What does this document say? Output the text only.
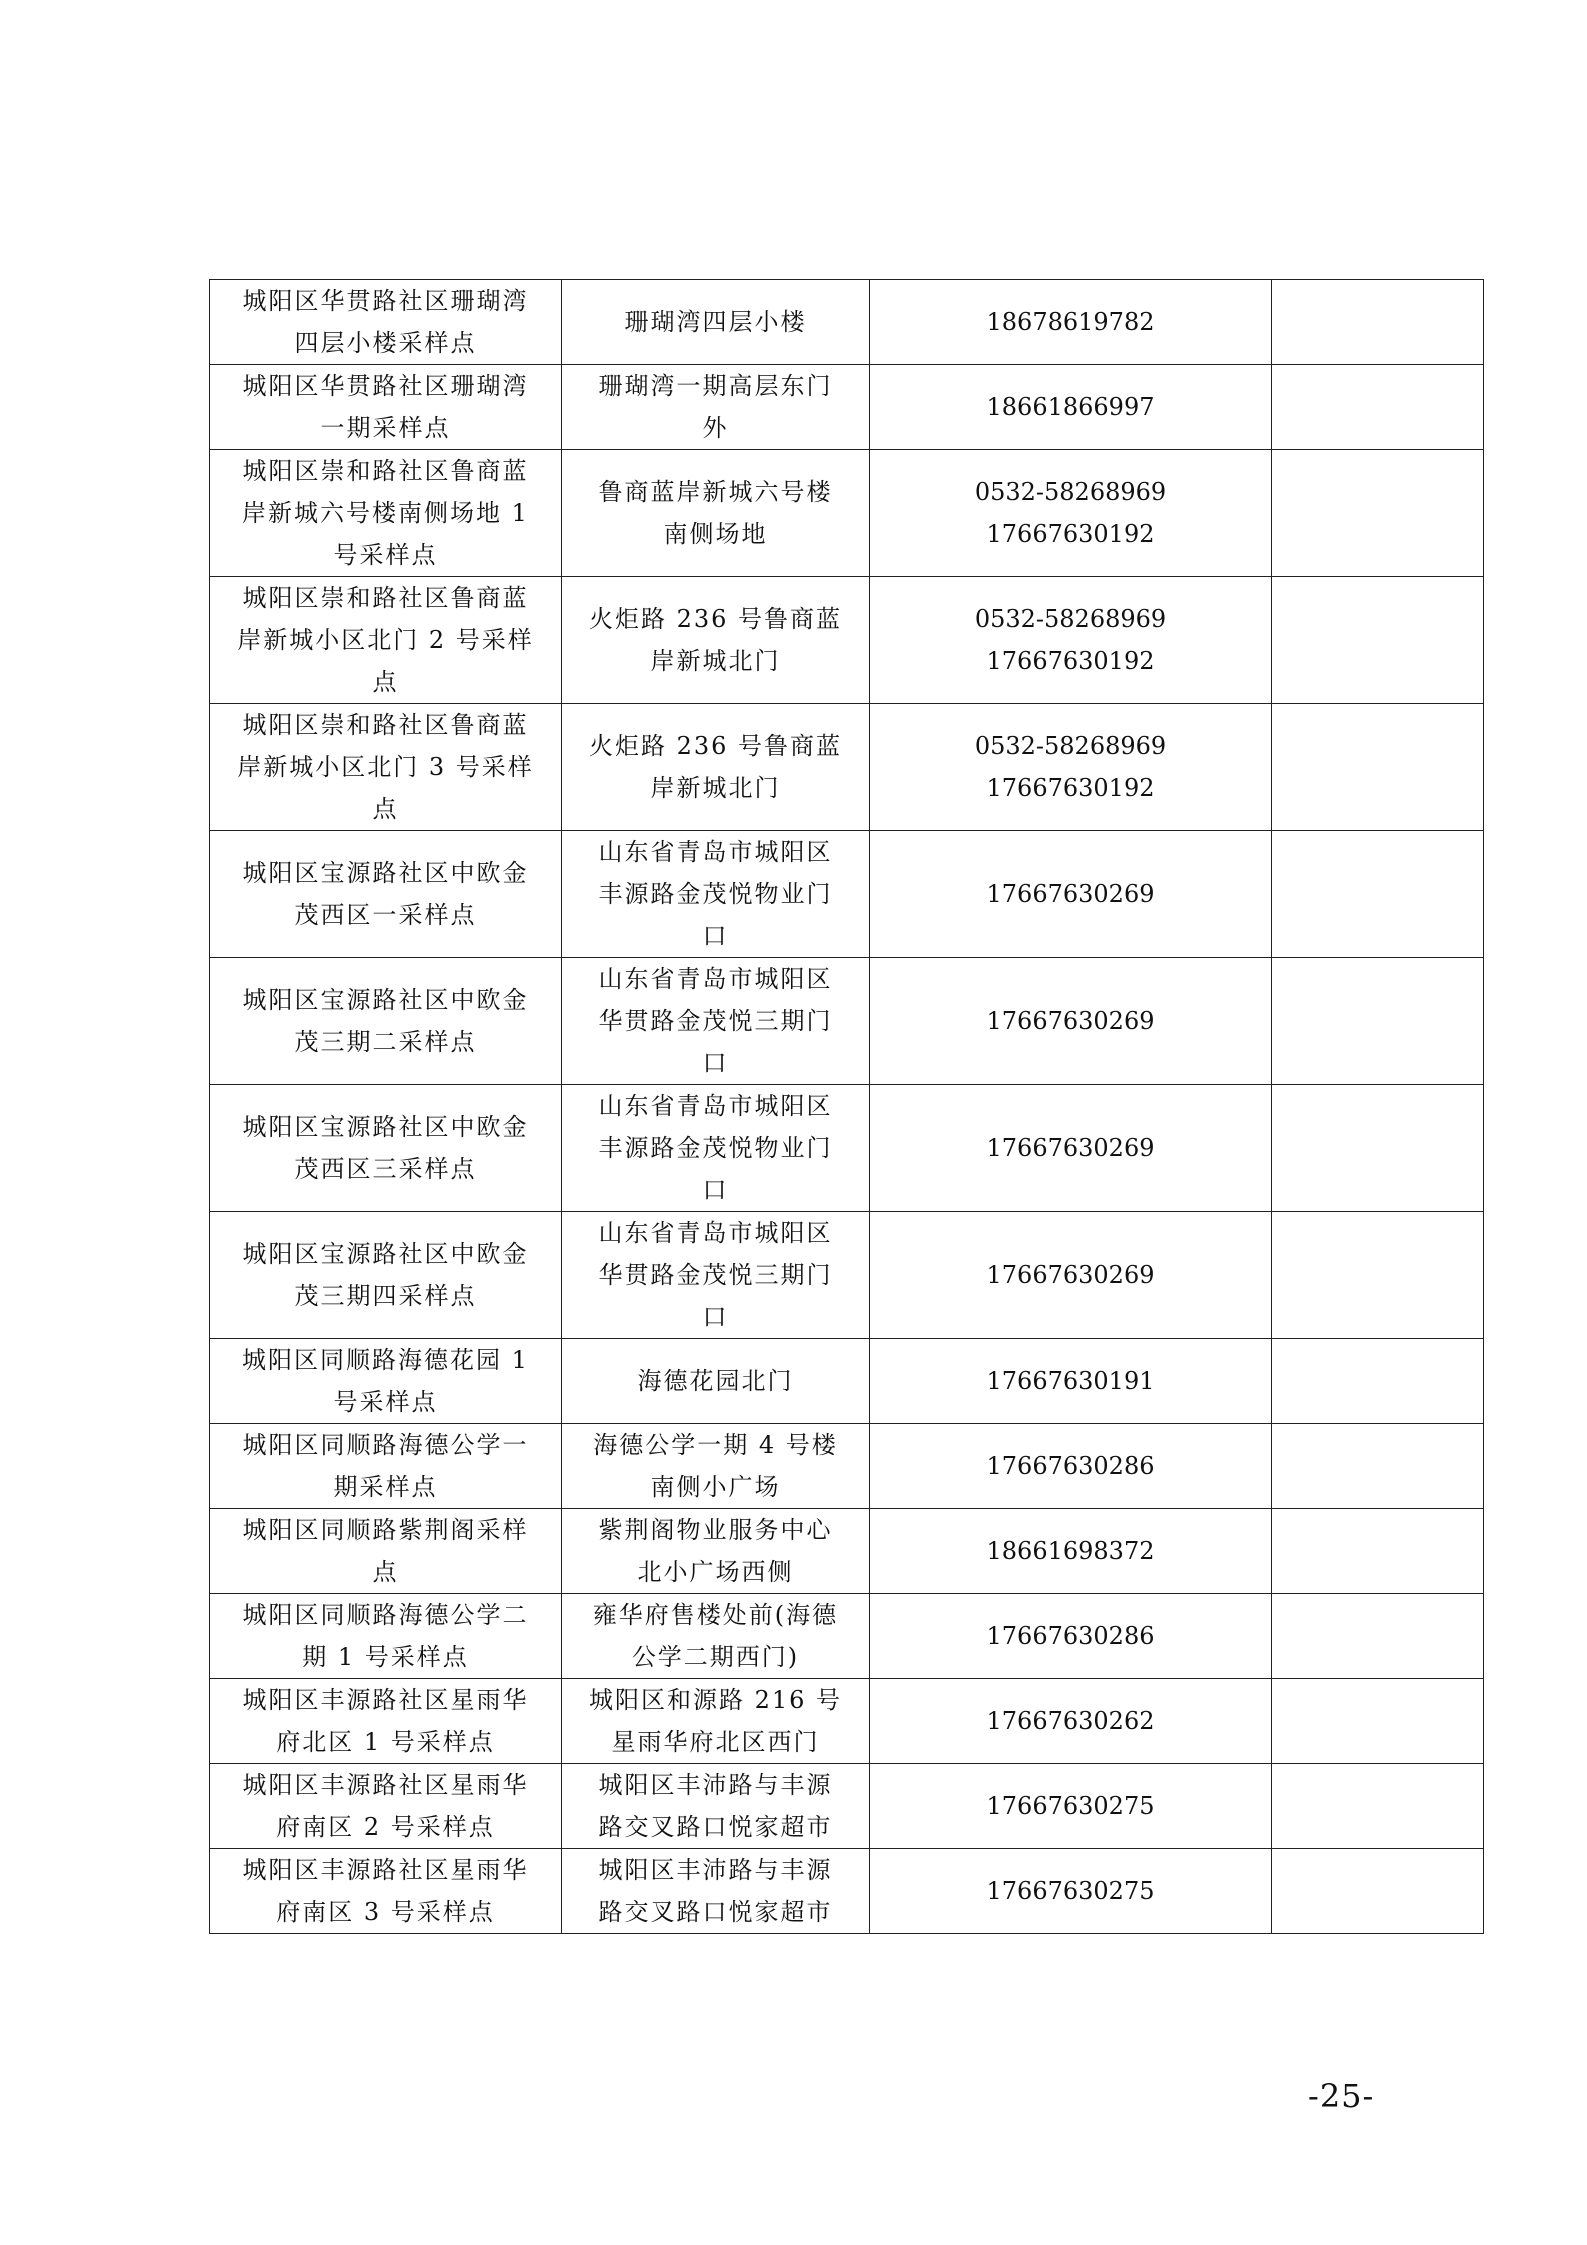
城阳区华贯路社区珊瑚湾
四层小楼采样点	珊瑚湾四层小楼	18678619782	

城阳区华贯路社区珊瑚湾
一期采样点	珊瑚湾一期高层东门
外	18661866997	

城阳区崇和路社区鲁商蓝
岸新城六号楼南侧场地 1
号采样点	鲁商蓝岸新城六号楼
南侧场地	0532-58268969
17667630192	

城阳区崇和路社区鲁商蓝
岸新城小区北门 2 号采样
点	火炬路 236 号鲁商蓝
岸新城北门	0532-58268969
17667630192	

城阳区崇和路社区鲁商蓝
岸新城小区北门 3 号采样
点	火炬路 236 号鲁商蓝
岸新城北门	0532-58268969
17667630192	

城阳区宝源路社区中欧金
茂西区一采样点	山东省青岛市城阳区
丰源路金茂悦物业门
口	17667630269	

城阳区宝源路社区中欧金
茂三期二采样点	山东省青岛市城阳区
华贯路金茂悦三期门
口	17667630269	

城阳区宝源路社区中欧金
茂西区三采样点	山东省青岛市城阳区
丰源路金茂悦物业门
口	17667630269	

城阳区宝源路社区中欧金
茂三期四采样点	山东省青岛市城阳区
华贯路金茂悦三期门
口	17667630269	

城阳区同顺路海德花园 1
号采样点	海德花园北门	17667630191	

城阳区同顺路海德公学一
期采样点	海德公学一期 4 号楼
南侧小广场	17667630286	

城阳区同顺路紫荆阁采样
点	紫荆阁物业服务中心
北小广场西侧	18661698372	

城阳区同顺路海德公学二
期 1 号采样点	雍华府售楼处前(海德
公学二期西门)	17667630286	

城阳区丰源路社区星雨华
府北区 1 号采样点	城阳区和源路 216 号
星雨华府北区西门	17667630262	

城阳区丰源路社区星雨华
府南区 2 号采样点	城阳区丰沛路与丰源
路交叉路口悦家超市	17667630275	

城阳区丰源路社区星雨华
府南区 3 号采样点	城阳区丰沛路与丰源
路交叉路口悦家超市	17667630275	

-25-
